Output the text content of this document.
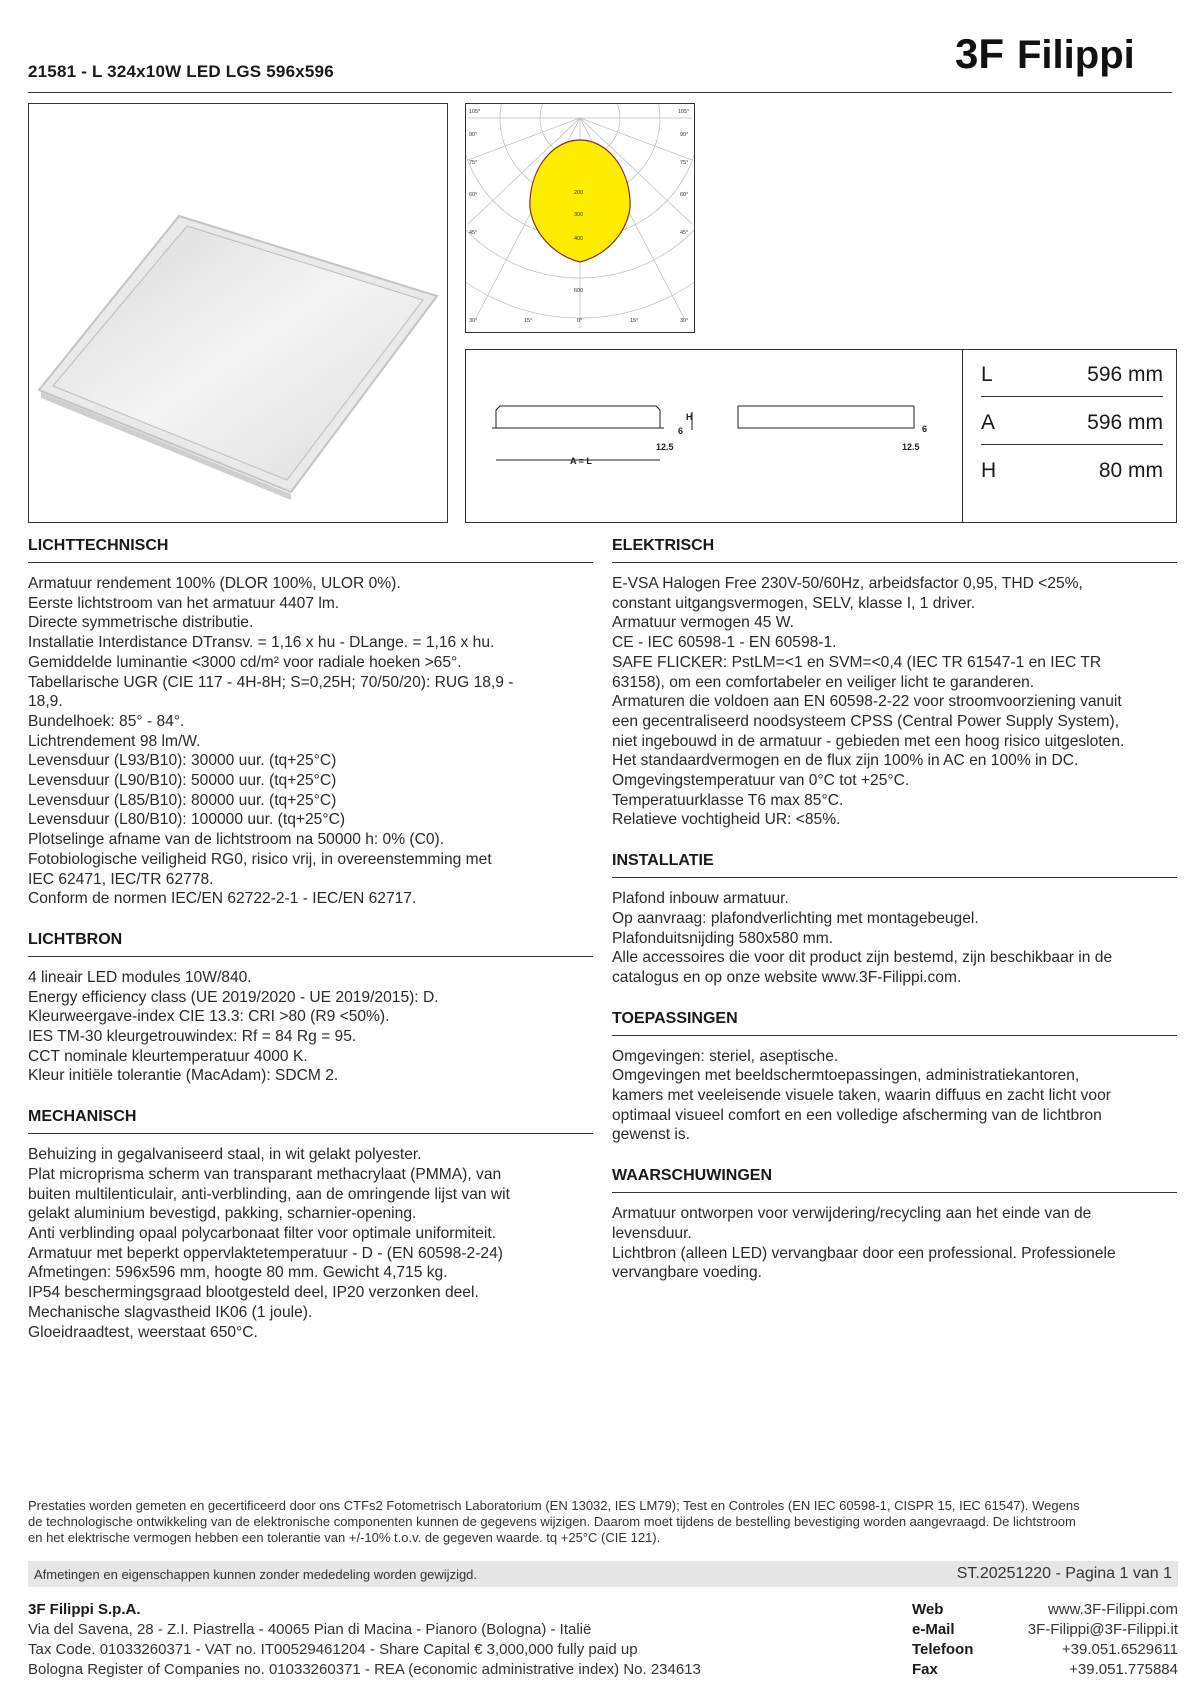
3F Filippi
21581 - L 324x10W LED LGS 596x596
105°
90°
75°
60°
45°
30°
105°
90°
75°
60°
45°
30°
15°	0°	15°
200
300
400
600
H
A = L
6
12.5
6
12.5
L	596 mm
A	596 mm
H	80 mm
LICHTTECHNISCH
Armatuur rendement 100% (DLOR 100%, ULOR 0%).
Eerste lichtstroom van het armatuur 4407 lm.
Directe symmetrische distributie.
Installatie Interdistance DTransv. = 1,16 x hu - DLange. = 1,16 x hu.
Gemiddelde luminantie <3000 cd/m² voor radiale hoeken >65°.
Tabellarische UGR (CIE 117 - 4H-8H; S=0,25H; 70/50/20): RUG 18,9 -
18,9.
Bundelhoek: 85° - 84°.
Lichtrendement 98 lm/W.
Levensduur (L93/B10): 30000 uur. (tq+25°C)
Levensduur (L90/B10): 50000 uur. (tq+25°C)
Levensduur (L85/B10): 80000 uur. (tq+25°C)
Levensduur (L80/B10): 100000 uur. (tq+25°C)
Plotselinge afname van de lichtstroom na 50000 h: 0% (C0).
Fotobiologische veiligheid RG0, risico vrij, in overeenstemming met
IEC 62471, IEC/TR 62778.
Conform de normen IEC/EN 62722-2-1 - IEC/EN 62717.
LICHTBRON
4 lineair LED modules 10W/840.
Energy efficiency class (UE 2019/2020 - UE 2019/2015): D.
Kleurweergave-index CIE 13.3: CRI >80 (R9 <50%).
IES TM-30 kleurgetrouwindex: Rf = 84 Rg = 95.
CCT nominale kleurtemperatuur 4000 K.
Kleur initiële tolerantie (MacAdam): SDCM 2.
MECHANISCH
Behuizing in gegalvaniseerd staal, in wit gelakt polyester.
Plat microprisma scherm van transparant methacrylaat (PMMA), van
buiten multilenticulair, anti-verblinding, aan de omringende lijst van wit
gelakt aluminium bevestigd, pakking, scharnier-opening.
Anti verblinding opaal polycarbonaat filter voor optimale uniformiteit.
Armatuur met beperkt oppervlaktetemperatuur - D - (EN 60598-2-24)
Afmetingen: 596x596 mm, hoogte 80 mm. Gewicht 4,715 kg.
IP54 beschermingsgraad blootgesteld deel, IP20 verzonken deel.
Mechanische slagvastheid IK06 (1 joule).
Gloeidraadtest, weerstaat 650°C.
ELEKTRISCH
E-VSA Halogen Free 230V-50/60Hz, arbeidsfactor 0,95, THD <25%,
constant uitgangsvermogen, SELV, klasse I, 1 driver.
Armatuur vermogen 45 W.
CE - IEC 60598-1 - EN 60598-1.
SAFE FLICKER: PstLM=<1 en SVM=<0,4 (IEC TR 61547-1 en IEC TR
63158), om een comfortabeler en veiliger licht te garanderen.
Armaturen die voldoen aan EN 60598-2-22 voor stroomvoorziening vanuit
een gecentraliseerd noodsysteem CPSS (Central Power Supply System),
niet ingebouwd in de armatuur - gebieden met een hoog risico uitgesloten.
Het standaardvermogen en de flux zijn 100% in AC en 100% in DC.
Omgevingstemperatuur van 0°C tot +25°C.
Temperatuurklasse T6 max 85°C.
Relatieve vochtigheid UR: <85%.
INSTALLATIE
Plafond inbouw armatuur.
Op aanvraag: plafondverlichting met montagebeugel.
Plafonduitsnijding 580x580 mm.
Alle accessoires die voor dit product zijn bestemd, zijn beschikbaar in de
catalogus en op onze website www.3F-Filippi.com.
TOEPASSINGEN
Omgevingen: steriel, aseptische.
Omgevingen met beeldschermtoepassingen, administratiekantoren,
kamers met veeleisende visuele taken, waarin diffuus en zacht licht voor
optimaal visueel comfort en een volledige afscherming van de lichtbron
gewenst is.
WAARSCHUWINGEN
Armatuur ontworpen voor verwijdering/recycling aan het einde van de
levensduur.
Lichtbron (alleen LED) vervangbaar door een professional. Professionele
vervangbare voeding.
Prestaties worden gemeten en gecertificeerd door ons CTFs2 Fotometrisch Laboratorium (EN 13032, IES LM79); Test en Controles (EN IEC 60598-1, CISPR 15, IEC 61547). Wegens
de technologische ontwikkeling van de elektronische componenten kunnen de gegevens wijzigen. Daarom moet tijdens de bestelling bevestiging worden aangevraagd. De lichtstroom
en het elektrische vermogen hebben een tolerantie van +/-10% t.o.v. de gegeven waarde. tq +25°C (CIE 121).
Afmetingen en eigenschappen kunnen zonder mededeling worden gewijzigd.	ST.20251220 - Pagina 1 van 1
3F Filippi S.p.A.
Via del Savena, 28 - Z.I. Piastrella - 40065 Pian di Macina - Pianoro (Bologna) - Italië
Tax Code. 01033260371 - VAT no. IT00529461204 - Share Capital € 3,000,000 fully paid up
Bologna Register of Companies no. 01033260371 - REA (economic administrative index) No. 234613
Web	www.3F-Filippi.com
e-Mail	3F-Filippi@3F-Filippi.it
Telefoon	+39.051.6529611
Fax	+39.051.775884
